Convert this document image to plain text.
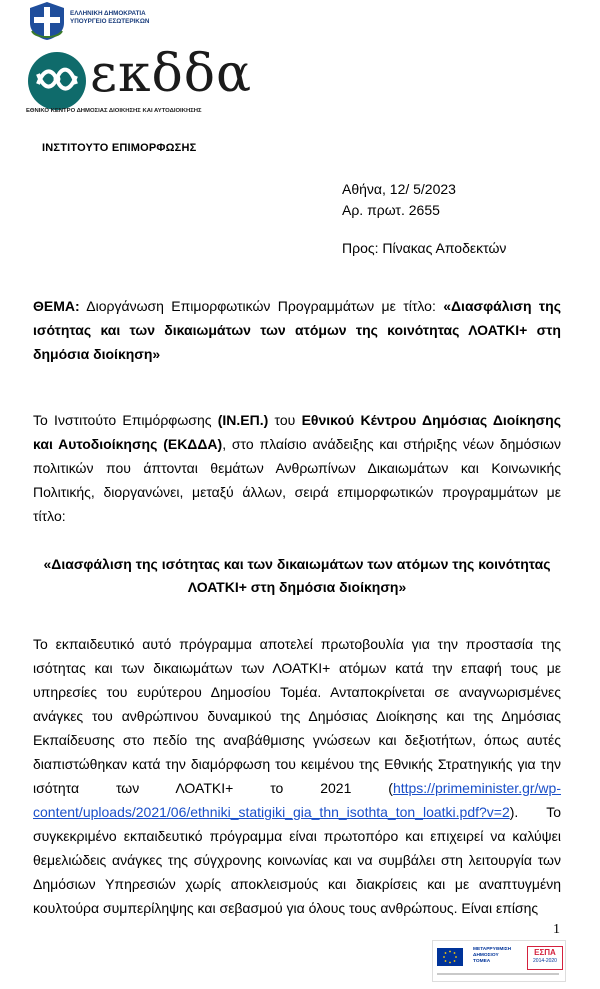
ΕΛΛΗΝΙΚΗ ΔΗΜΟΚΡΑΤΙΑ
ΥΠΟΥΡΓΕΙΟ ΕΣΩΤΕΡΙΚΩΝ
εκδδα
ΕΘΝΙΚΟ ΚΕΝΤΡΟ ΔΗΜΟΣΙΑΣ ΔΙΟΙΚΗΣΗΣ ΚΑΙ ΑΥΤΟΔΙΟΙΚΗΣΗΣ
ΙΝΣΤΙΤΟΥΤΟ ΕΠΙΜΟΡΦΩΣΗΣ
Αθήνα, 12/ 5/2023
Αρ. πρωτ. 2655
Προς: Πίνακας Αποδεκτών
ΘΕΜΑ: Διοργάνωση Επιμορφωτικών Προγραμμάτων με τίτλο: «Διασφάλιση της ισότητας και των δικαιωμάτων των ατόμων της κοινότητας ΛΟΑΤΚΙ+ στη δημόσια διοίκηση»
Το Ινστιτούτο Επιμόρφωσης (ΙΝ.ΕΠ.) του Εθνικού Κέντρου Δημόσιας Διοίκησης και Αυτοδιοίκησης (ΕΚΔΔΑ), στο πλαίσιο ανάδειξης και στήριξης νέων δημόσιων πολιτικών που άπτονται θεμάτων Ανθρωπίνων Δικαιωμάτων και Κοινωνικής Πολιτικής, διοργανώνει, μεταξύ άλλων, σειρά επιμορφωτικών προγραμμάτων με τίτλο:
«Διασφάλιση της ισότητας και των δικαιωμάτων των ατόμων της κοινότητας ΛΟΑΤΚΙ+ στη δημόσια διοίκηση»
Το εκπαιδευτικό αυτό πρόγραμμα αποτελεί πρωτοβουλία για την προστασία της ισότητας και των δικαιωμάτων των ΛΟΑΤΚΙ+ ατόμων κατά την επαφή τους με υπηρεσίες του ευρύτερου Δημοσίου Τομέα. Ανταποκρίνεται σε αναγνωρισμένες ανάγκες του ανθρώπινου δυναμικού της Δημόσιας Διοίκησης και της Δημόσιας Εκπαίδευσης στο πεδίο της αναβάθμισης γνώσεων και δεξιοτήτων, όπως αυτές διαπιστώθηκαν κατά την διαμόρφωση του κειμένου της Εθνικής Στρατηγικής για την ισότητα των ΛΟΑΤΚΙ+ το 2021 (https://primeminister.gr/wp-content/uploads/2021/06/ethniki_statigiki_gia_thn_isothta_ton_loatki.pdf?v=2). Το συγκεκριμένο εκπαιδευτικό πρόγραμμα είναι πρωτοπόρο και επιχειρεί να καλύψει θεμελιώδεις ανάγκες της σύγχρονης κοινωνίας και να συμβάλει στη λειτουργία των Δημόσιων Υπηρεσιών χωρίς αποκλεισμούς και διακρίσεις και με αναπτυγμένη κουλτούρα συμπερίληψης και σεβασμού για όλους τους ανθρώπους. Είναι επίσης
1
ΜΕΤΑΡΡΥΘΜΙΣΗ
ΔΗΜΟΣΙΟΥ
ΤΟΜΕΑ
ΕΣΠΑ
2014-2020
